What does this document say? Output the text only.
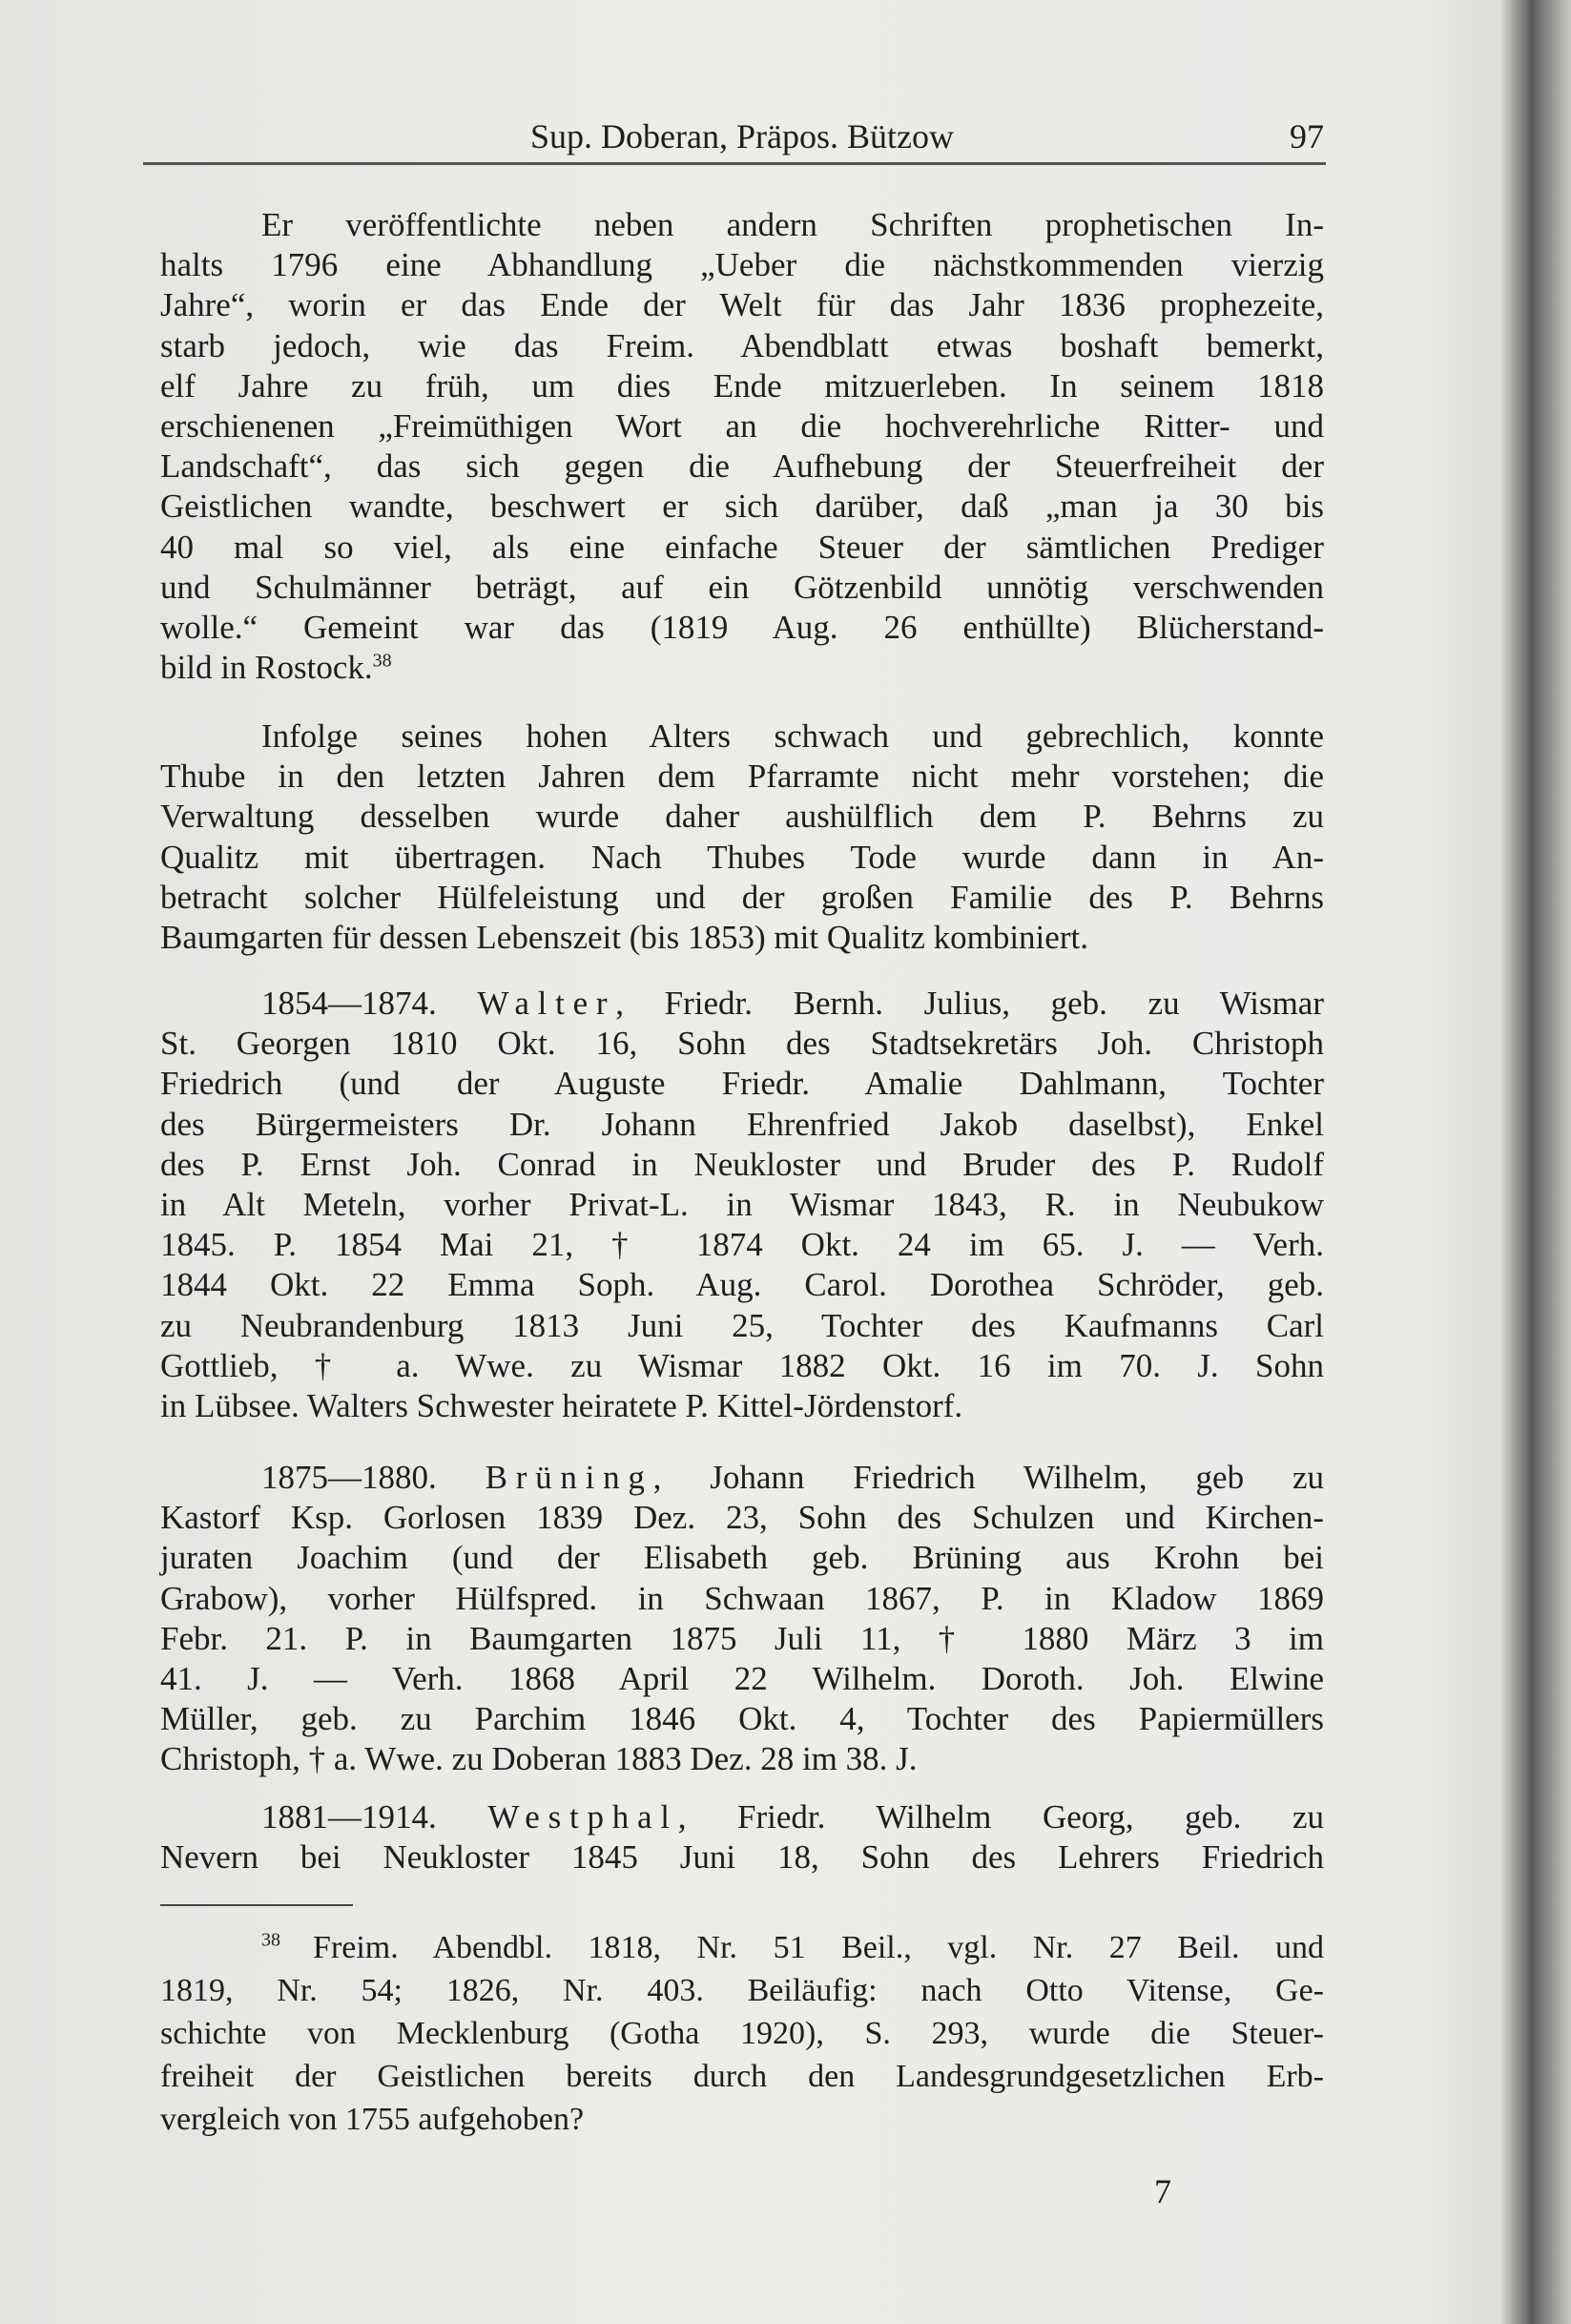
Sup. Doberan, Präpos. Bützow	97
Er veröffentlichte neben andern Schriften prophetischen In-
halts 1796 eine Abhandlung „Ueber die nächstkommenden vierzig
Jahre“, worin er das Ende der Welt für das Jahr 1836 prophezeite,
starb jedoch, wie das Freim. Abendblatt etwas boshaft bemerkt,
elf Jahre zu früh, um dies Ende mitzuerleben. In seinem 1818
erschienenen „Freimüthigen Wort an die hochverehrliche Ritter- und
Landschaft“, das sich gegen die Aufhebung der Steuerfreiheit der
Geistlichen wandte, beschwert er sich darüber, daß „man ja 30 bis
40 mal so viel, als eine einfache Steuer der sämtlichen Prediger
und Schulmänner beträgt, auf ein Götzenbild unnötig verschwenden
wolle.“ Gemeint war das (1819 Aug. 26 enthüllte) Blücherstand-
bild in Rostock.$^{38}$
Infolge seines hohen Alters schwach und gebrechlich, konnte
Thube in den letzten Jahren dem Pfarramte nicht mehr vorstehen; die
Verwaltung desselben wurde daher aushülflich dem P. Behrns zu
Qualitz mit übertragen. Nach Thubes Tode wurde dann in An-
betracht solcher Hülfeleistung und der großen Familie des P. Behrns
Baumgarten für dessen Lebenszeit (bis 1853) mit Qualitz kombiniert.
1854—1874. Walter, Friedr. Bernh. Julius, geb. zu Wismar
St. Georgen 1810 Okt. 16, Sohn des Stadtsekretärs Joh. Christoph
Friedrich (und der Auguste Friedr. Amalie Dahlmann, Tochter
des Bürgermeisters Dr. Johann Ehrenfried Jakob daselbst), Enkel
des P. Ernst Joh. Conrad in Neukloster und Bruder des P. Rudolf
in Alt Meteln, vorher Privat-L. in Wismar 1843, R. in Neubukow
1845. P. 1854 Mai 21, † 1874 Okt. 24 im 65. J. — Verh.
1844 Okt. 22 Emma Soph. Aug. Carol. Dorothea Schröder, geb.
zu Neubrandenburg 1813 Juni 25, Tochter des Kaufmanns Carl
Gottlieb, † a. Wwe. zu Wismar 1882 Okt. 16 im 70. J. Sohn
in Lübsee. Walters Schwester heiratete P. Kittel-Jördenstorf.
1875—1880. Brüning, Johann Friedrich Wilhelm, geb zu
Kastorf Ksp. Gorlosen 1839 Dez. 23, Sohn des Schulzen und Kirchen-
juraten Joachim (und der Elisabeth geb. Brüning aus Krohn bei
Grabow), vorher Hülfspred. in Schwaan 1867, P. in Kladow 1869
Febr. 21. P. in Baumgarten 1875 Juli 11, † 1880 März 3 im
41. J. — Verh. 1868 April 22 Wilhelm. Doroth. Joh. Elwine
Müller, geb. zu Parchim 1846 Okt. 4, Tochter des Papiermüllers
Christoph, † a. Wwe. zu Doberan 1883 Dez. 28 im 38. J.
1881—1914. Westphal, Friedr. Wilhelm Georg, geb. zu
Nevern bei Neukloster 1845 Juni 18, Sohn des Lehrers Friedrich
$^{38}$ Freim. Abendbl. 1818, Nr. 51 Beil., vgl. Nr. 27 Beil. und
1819, Nr. 54; 1826, Nr. 403. Beiläufig: nach Otto Vitense, Ge-
schichte von Mecklenburg (Gotha 1920), S. 293, wurde die Steuer-
freiheit der Geistlichen bereits durch den Landesgrundgesetzlichen Erb-
vergleich von 1755 aufgehoben?
7
